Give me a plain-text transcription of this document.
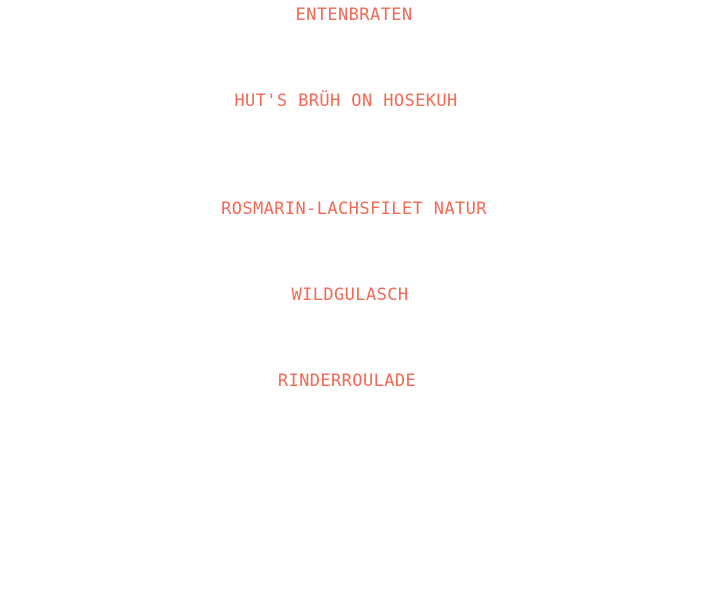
ENTENBRATEN
HUT'S BRÜH ON HOSEKUH
ROSMARIN-LACHSFILET NATUR
WILDGULASCH
RINDERROULADE
